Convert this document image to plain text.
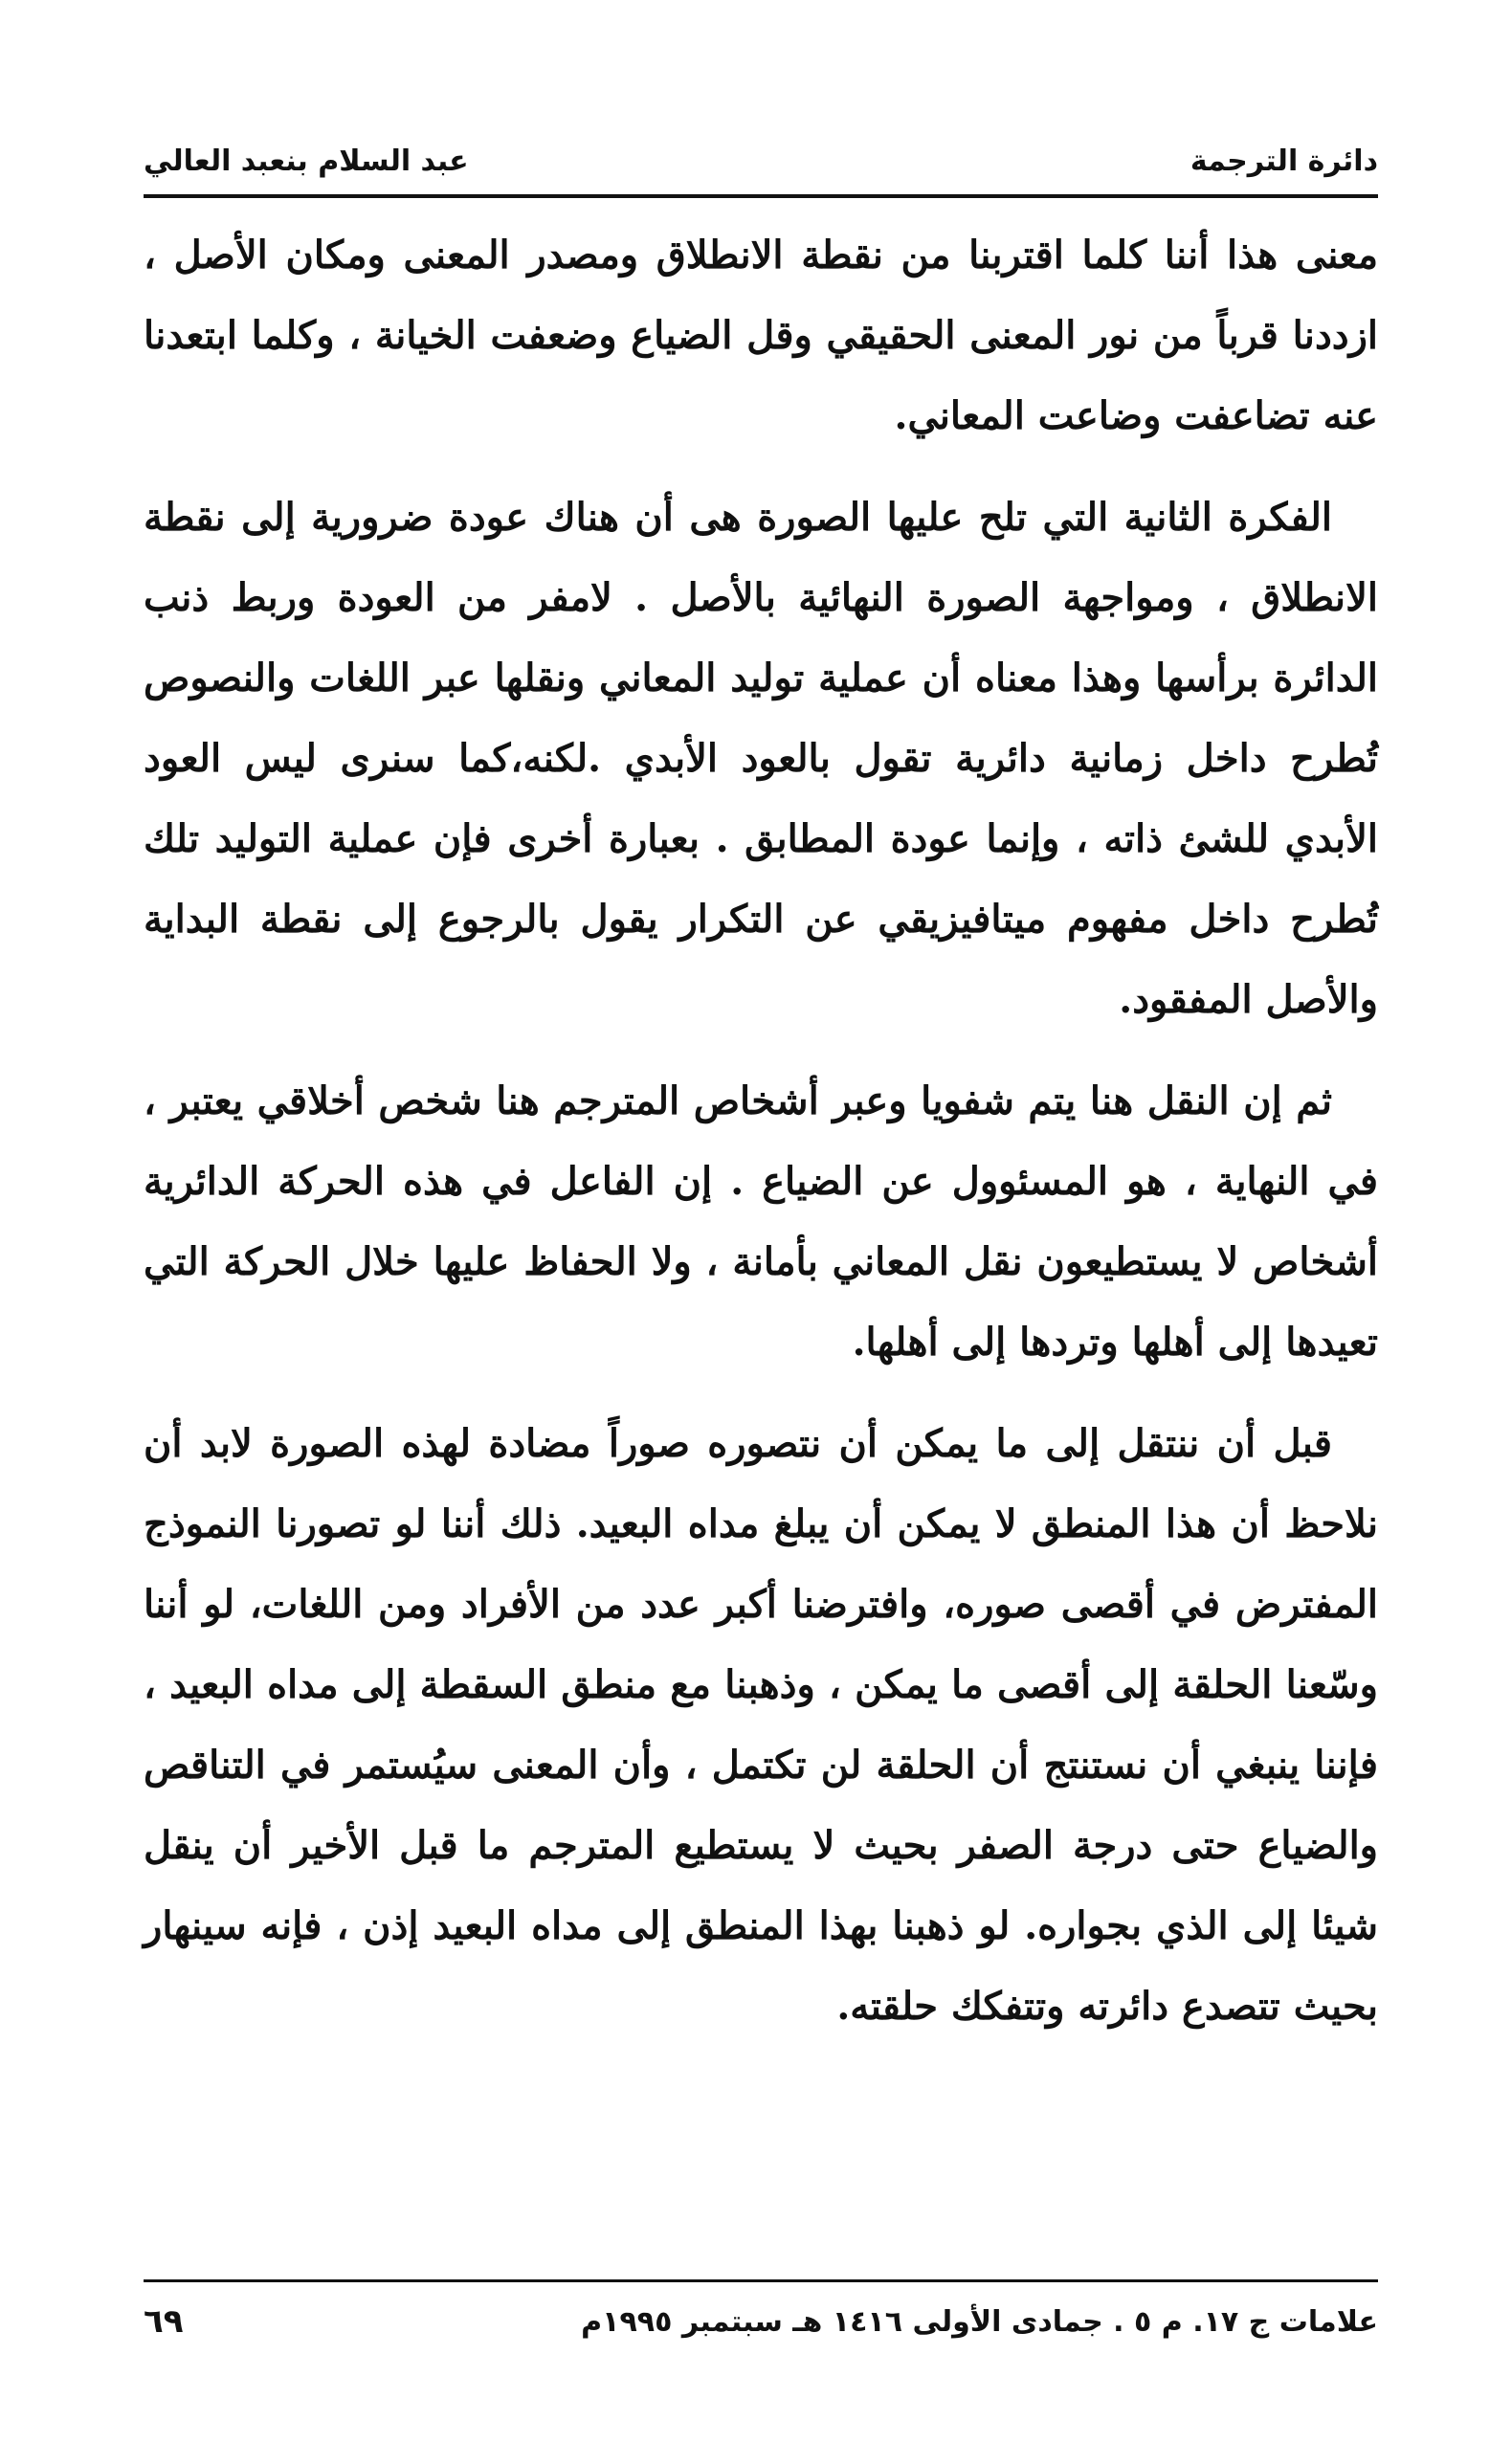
دائرة الترجمة
عبد السلام بنعبد العالي

معنى هذا أننا كلما اقتربنا من نقطة الانطلاق ومصدر المعنى ومكان الأصل ، ازددنا قرباً من نور المعنى الحقيقي وقل الضياع وضعفت الخيانة ، وكلما ابتعدنا عنه تضاعفت وضاعت المعاني.

الفكرة الثانية التي تلح عليها الصورة هى أن هناك عودة ضرورية إلى نقطة الانطلاق ، ومواجهة الصورة النهائية بالأصل . لامفر من العودة وربط ذنب الدائرة برأسها وهذا معناه أن عملية توليد المعاني ونقلها عبر اللغات والنصوص تُطرح داخل زمانية دائرية تقول بالعود الأبدي .لكنه،كما سنرى ليس العود الأبدي للشئ ذاته ، وإنما عودة المطابق . بعبارة أخرى فإن عملية التوليد تلك تُطرح داخل مفهوم ميتافيزيقي عن التكرار يقول بالرجوع إلى نقطة البداية والأصل المفقود.

ثم إن النقل هنا يتم شفويا وعبر أشخاص المترجم هنا شخص أخلاقي يعتبر ، في النهاية ، هو المسئوول عن الضياع . إن الفاعل في هذه الحركة الدائرية أشخاص لا يستطيعون نقل المعاني بأمانة ، ولا الحفاظ عليها خلال الحركة التي تعيدها إلى أهلها وتردها إلى أهلها.

قبل أن ننتقل إلى ما يمكن أن نتصوره صوراً مضادة لهذه الصورة لابد أن نلاحظ أن هذا المنطق لا يمكن أن يبلغ مداه البعيد. ذلك أننا لو تصورنا النموذج المفترض في أقصى صوره، وافترضنا أكبر عدد من الأفراد ومن اللغات، لو أننا وسّعنا الحلقة إلى أقصى ما يمكن ، وذهبنا مع منطق السقطة إلى مداه البعيد ، فإننا ينبغي أن نستنتج أن الحلقة لن تكتمل ، وأن المعنى سيُستمر في التناقص والضياع حتى درجة الصفر بحيث لا يستطيع المترجم ما قبل الأخير أن ينقل شيئا إلى الذي بجواره. لو ذهبنا بهذا المنطق إلى مداه البعيد إذن ، فإنه سينهار بحيث تتصدع دائرته وتتفكك حلقته.

علامات ج ١٧. م ٥ . جمادى الأولى ١٤١٦ هـ سبتمبر ١٩٩٥م
٦٩
